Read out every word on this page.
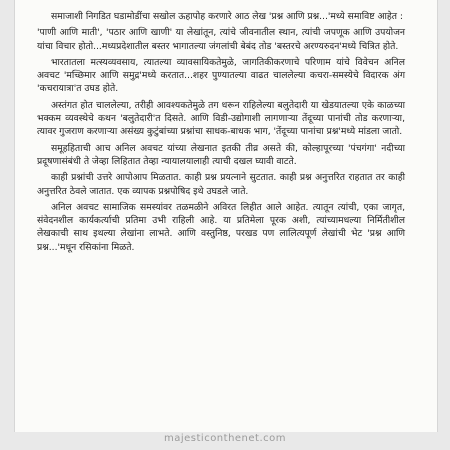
समाजाशी निगडित घडामोडींचा सखोल ऊहापोह करणारे आठ लेख 'प्रश्न आणि प्रश्न...'मध्ये समाविष्ट आहेत :

'पाणी आणि माती', 'पठार आणि खाणी' या लेखांतून, त्यांचे जीवनातील स्थान, त्यांची जपणूक आणि उपयोजन यांचा विचार होतो...मध्यप्रदेशातील बस्तर भागातल्या जंगलांची बेबंद तोड 'बस्तरचे अरण्यरुदन'मध्ये चित्रित होते.

भारतातला मत्स्यव्यवसाय, त्यातल्या व्यावसायिकतेमुळे, जागतिकीकरणाचे परिणाम यांचे विवेचन अनिल अवचट 'मच्छिमार आणि समुद्र'मध्ये करतात...शहर पुण्यातल्या वाढत चाललेल्या कचरा-समस्येचे विदारक अंग 'कचरायात्रा'त उघड होते.

अस्तंगत होत चाललेल्या, तरीही आवश्यकतेमुळे तग धरून राहिलेल्या बलुतेदारी या खेडयातल्या एके काळच्या भक्कम व्यवस्थेचे कथन 'बलुतेदारी'त दिसते. आणि विडी-उद्योगाशी लागणाऱ्या तेंदूच्या पानांची तोड करणाऱ्या, त्यावर गुजराण करणाऱ्या असंख्य कुटुंबांच्या प्रश्नांचा साधक-बाधक भाग, 'तेंदूच्या पानांचा प्रश्न'मध्ये मांडला जातो.

समूहहिताची आच अनिल अवचट यांच्या लेखनात इतकी तीव्र असते की, कोल्हापूरच्या 'पंचगंगा' नदीच्या प्रदूषणासंबंधी ते जेव्हा लिहितात तेव्हा न्यायालयालाही त्याची दखल घ्यावी वाटते.

काही प्रश्नांची उत्तरे आपोआप मिळतात. काही प्रश्न प्रयत्नाने सुटतात. काही प्रश्न अनुत्तरित राहतात तर काही अनुत्तरित ठेवले जातात. एक व्यापक प्रश्नपोषिद इथे उघडले जाते.

अनिल अवचट सामाजिक समस्यांवर तळमळीने अविरत लिहीत आले आहेत. त्यातून त्यांची, एका जागृत, संवेदनशील कार्यकर्त्याची प्रतिमा उभी राहिली आहे. या प्रतिमेला पूरक अशी, त्यांच्यामधल्या निर्मितीशील लेखकाची साथ इथल्या लेखांना लाभते. आणि वस्तुनिष्ठ, परखड पण लालित्यपूर्ण लेखांची भेट 'प्रश्न आणि प्रश्न...'मधून रसिकांना मिळते.

majesticonthenet.com
